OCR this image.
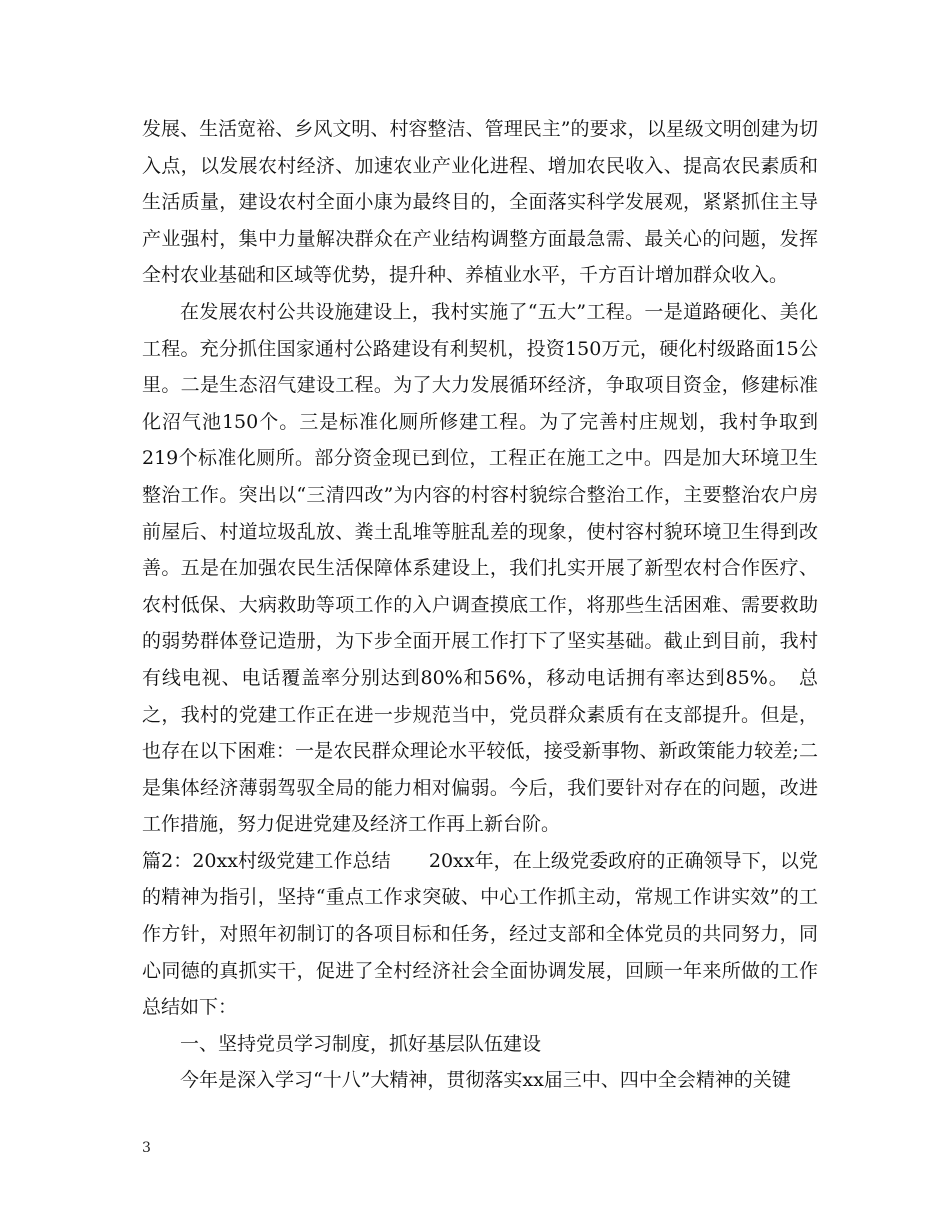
发展、生活宽裕、乡风文明、村容整洁、管理民主”的要求，以星级文明创建为切入点，以发展农村经济、加速农业产业化进程、增加农民收入、提高农民素质和生活质量，建设农村全面小康为最终目的，全面落实科学发展观，紧紧抓住主导产业强村，集中力量解决群众在产业结构调整方面最急需、最关心的问题，发挥全村农业基础和区域等优势，提升种、养植业水平，千方百计增加群众收入。

在发展农村公共设施建设上，我村实施了“五大”工程。一是道路硬化、美化工程。充分抓住国家通村公路建设有利契机，投资150万元，硬化村级路面15公里。二是生态沼气建设工程。为了大力发展循环经济，争取项目资金，修建标准化沼气池150个。三是标准化厕所修建工程。为了完善村庄规划，我村争取到219个标准化厕所。部分资金现已到位，工程正在施工之中。四是加大环境卫生整治工作。突出以“三清四改”为内容的村容村貌综合整治工作，主要整治农户房前屋后、村道垃圾乱放、粪土乱堆等脏乱差的现象，使村容村貌环境卫生得到改善。五是在加强农民生活保障体系建设上，我们扎实开展了新型农村合作医疗、农村低保、大病救助等项工作的入户调查摸底工作，将那些生活困难、需要救助的弱势群体登记造册，为下步全面开展工作打下了坚实基础。截止到目前，我村有线电视、电话覆盖率分别达到80%和56%，移动电话拥有率达到85%。　总之，我村的党建工作正在进一步规范当中，党员群众素质有在支部提升。但是，也存在以下困难：一是农民群众理论水平较低，接受新事物、新政策能力较差;二是集体经济薄弱驾驭全局的能力相对偏弱。今后，我们要针对存在的问题，改进工作措施，努力促进党建及经济工作再上新台阶。

篇2：20xx村级党建工作总结　　20xx年，在上级党委政府的正确领导下，以党的精神为指引，坚持“重点工作求突破、中心工作抓主动，常规工作讲实效”的工作方针，对照年初制订的各项目标和任务，经过支部和全体党员的共同努力，同心同德的真抓实干，促进了全村经济社会全面协调发展，回顾一年来所做的工作总结如下：

一、坚持党员学习制度，抓好基层队伍建设

今年是深入学习“十八”大精神，贯彻落实xx届三中、四中全会精神的关键

3
